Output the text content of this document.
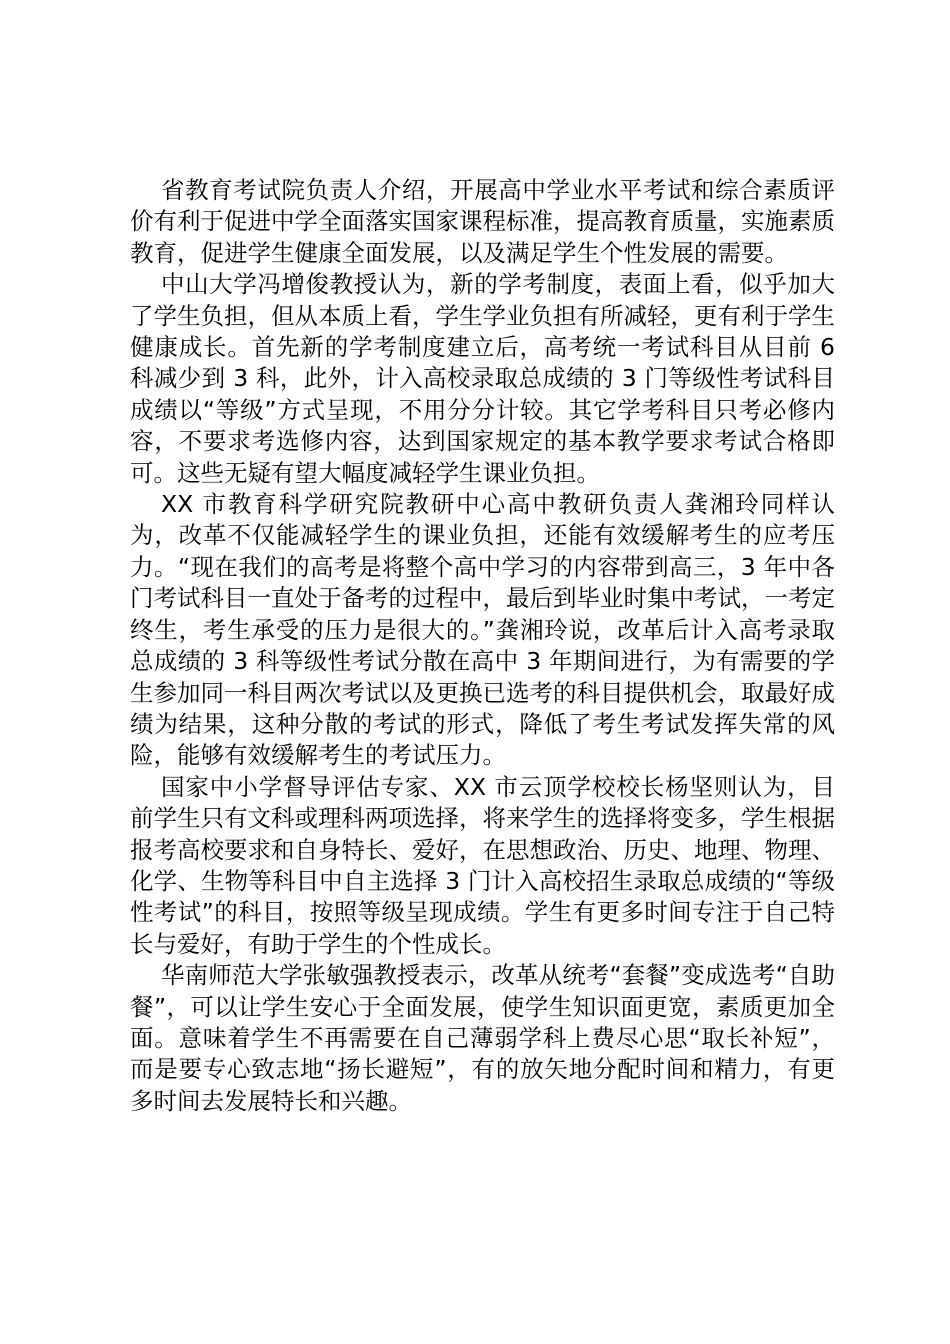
省教育考试院负责人介绍，开展高中学业水平考试和综合素质评价有利于促进中学全面落实国家课程标准，提高教育质量，实施素质教育，促进学生健康全面发展，以及满足学生个性发展的需要。

中山大学冯增俊教授认为，新的学考制度，表面上看，似乎加大了学生负担，但从本质上看，学生学业负担有所减轻，更有利于学生健康成长。首先新的学考制度建立后，高考统一考试科目从目前 6 科减少到 3 科，此外，计入高校录取总成绩的 3 门等级性考试科目成绩以“等级”方式呈现，不用分分计较。其它学考科目只考必修内容，不要求考选修内容，达到国家规定的基本教学要求考试合格即可。这些无疑有望大幅度减轻学生课业负担。

XX 市教育科学研究院教研中心高中教研负责人龚湘玲同样认为，改革不仅能减轻学生的课业负担，还能有效缓解考生的应考压力。“现在我们的高考是将整个高中学习的内容带到高三，3 年中各门考试科目一直处于备考的过程中，最后到毕业时集中考试，一考定终生，考生承受的压力是很大的。”龚湘玲说，改革后计入高考录取总成绩的 3 科等级性考试分散在高中 3 年期间进行，为有需要的学生参加同一科目两次考试以及更换已选考的科目提供机会，取最好成绩为结果，这种分散的考试的形式，降低了考生考试发挥失常的风险，能够有效缓解考生的考试压力。

国家中小学督导评估专家、XX 市云顶学校校长杨坚则认为，目前学生只有文科或理科两项选择，将来学生的选择将变多，学生根据报考高校要求和自身特长、爱好，在思想政治、历史、地理、物理、化学、生物等科目中自主选择 3 门计入高校招生录取总成绩的“等级性考试”的科目，按照等级呈现成绩。学生有更多时间专注于自己特长与爱好，有助于学生的个性成长。

华南师范大学张敏强教授表示，改革从统考“套餐”变成选考“自助餐”，可以让学生安心于全面发展，使学生知识面更宽，素质更加全面。意味着学生不再需要在自己薄弱学科上费尽心思“取长补短”，而是要专心致志地“扬长避短”，有的放矢地分配时间和精力，有更多时间去发展特长和兴趣。
